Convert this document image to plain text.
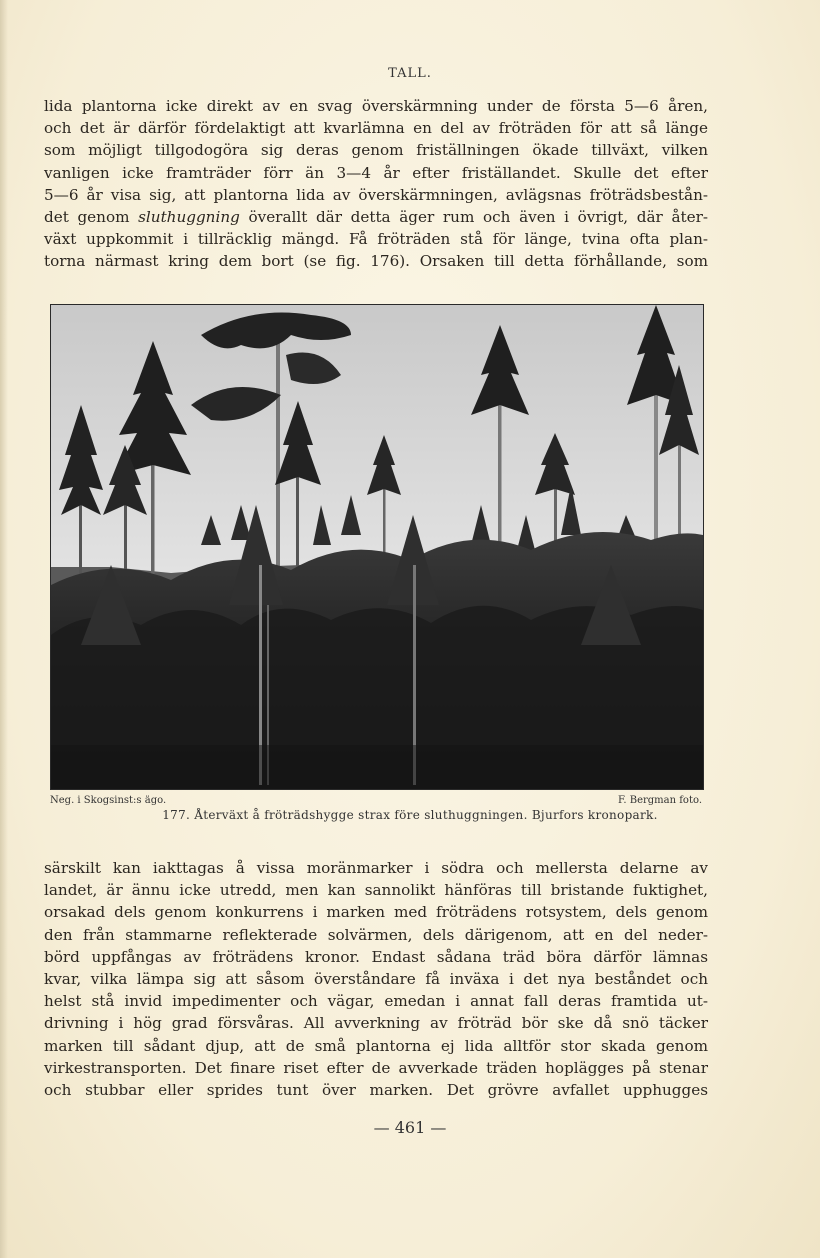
TALL.
lida plantorna icke direkt av en svag överskärmning under de första 5—6 åren,
och det är därför fördelaktigt att kvarlämna en del av fröträden för att så länge
som möjligt tillgodogöra sig deras genom friställningen ökade tillväxt, vilken
vanligen icke framträder förr än 3—4 år efter friställandet. Skulle det efter
5—6 år visa sig, att plantorna lida av överskärmningen, avlägsnas fröträdsbestån-
det genom sluthuggning överallt där detta äger rum och även i övrigt, där åter-
växt uppkommit i tillräcklig mängd. Få fröträden stå för länge, tvina ofta plan-
torna närmast kring dem bort (se fig. 176). Orsaken till detta förhållande, som
Neg. i Skogsinst:s ägo.	F. Bergman foto.
177. Återväxt å fröträdshygge strax före sluthuggningen. Bjurfors kronopark.
särskilt kan iakttagas å vissa moränmarker i södra och mellersta delarne av
landet, är ännu icke utredd, men kan sannolikt hänföras till bristande fuktighet,
orsakad dels genom konkurrens i marken med fröträdens rotsystem, dels genom
den från stammarne reflekterade solvärmen, dels därigenom, att en del neder-
börd uppfångas av fröträdens kronor. Endast sådana träd böra därför lämnas
kvar, vilka lämpa sig att såsom överståndare få inväxa i det nya beståndet och
helst stå invid impedimenter och vägar, emedan i annat fall deras framtida ut-
drivning i hög grad försvåras. All avverkning av fröträd bör ske då snö täcker
marken till sådant djup, att de små plantorna ej lida alltför stor skada genom
virkestransporten. Det finare riset efter de avverkade träden hoplägges på stenar
och stubbar eller sprides tunt över marken. Det grövre avfallet upphugges
— 461 —
